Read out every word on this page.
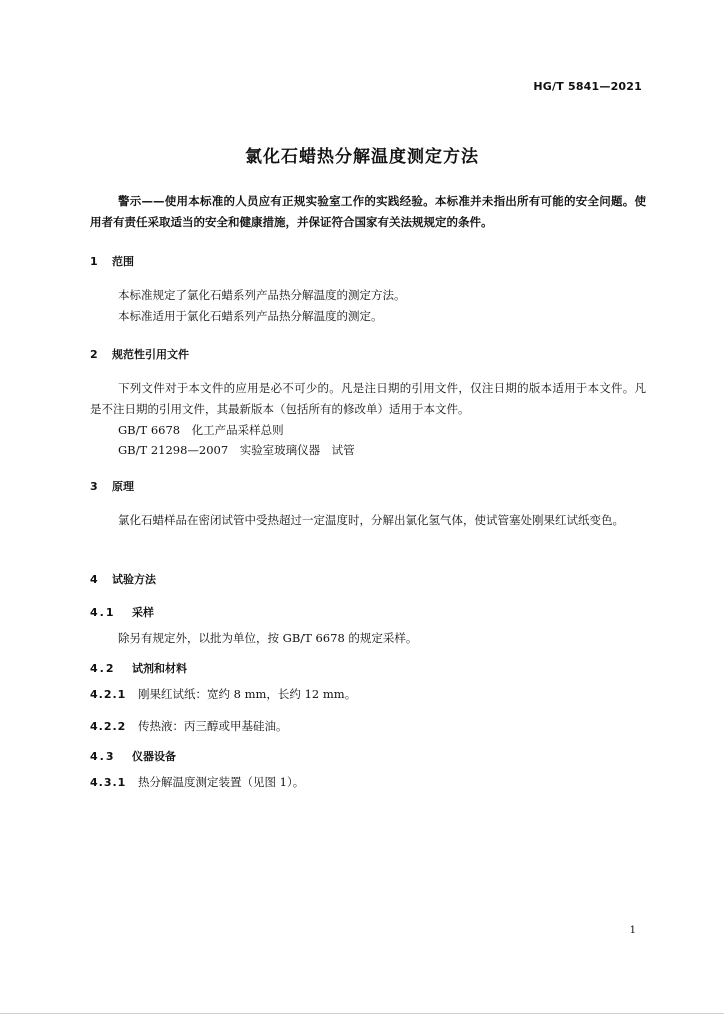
HG/T 5841—2021
氯化石蜡热分解温度测定方法
警示——使用本标准的人员应有正规实验室工作的实践经验。本标准并未指出所有可能的安全问题。使用者有责任采取适当的安全和健康措施，并保证符合国家有关法规规定的条件。
1 范围
本标准规定了氯化石蜡系列产品热分解温度的测定方法。
本标准适用于氯化石蜡系列产品热分解温度的测定。
2 规范性引用文件
下列文件对于本文件的应用是必不可少的。凡是注日期的引用文件，仅注日期的版本适用于本文件。凡是不注日期的引用文件，其最新版本（包括所有的修改单）适用于本文件。
GB/T 6678　化工产品采样总则
GB/T 21298—2007　实验室玻璃仪器　试管
3 原理
氯化石蜡样品在密闭试管中受热超过一定温度时，分解出氯化氢气体，使试管塞处刚果红试纸变色。
4 试验方法
4.1 采样
除另有规定外，以批为单位，按 GB/T 6678 的规定采样。
4.2 试剂和材料
4.2.1 刚果红试纸：宽约 8 mm，长约 12 mm。
4.2.2 传热液：丙三醇或甲基硅油。
4.3 仪器设备
4.3.1 热分解温度测定装置（见图 1）。
1
